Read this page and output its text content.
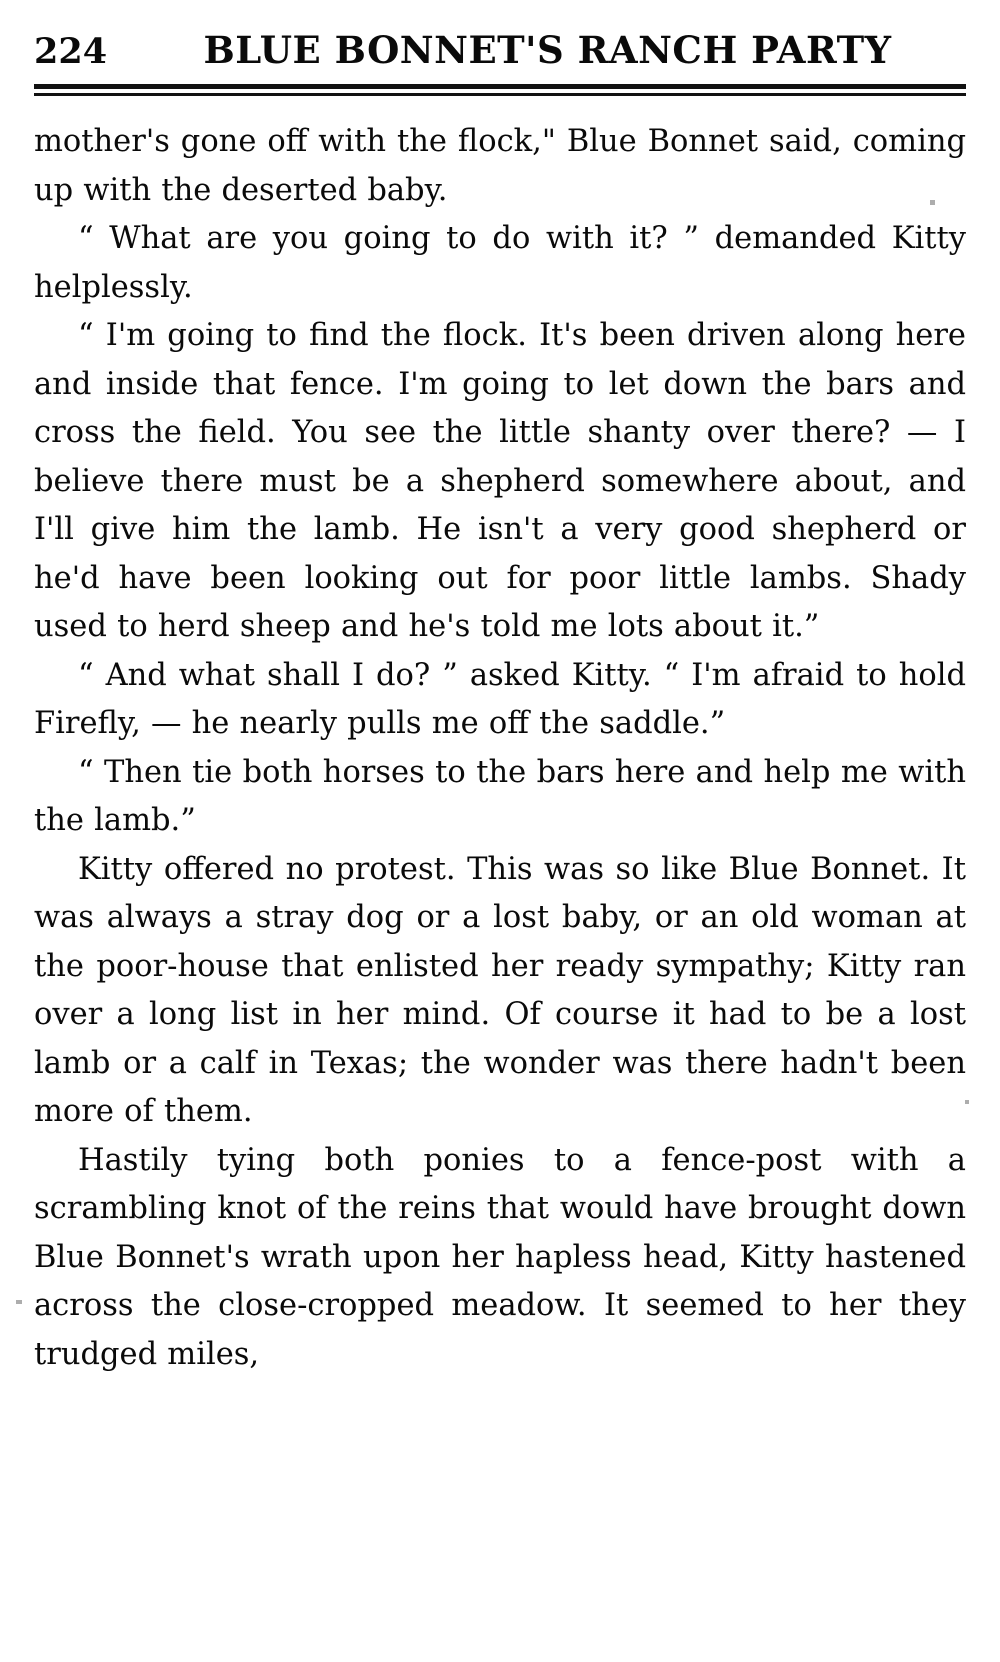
224	BLUE BONNET'S RANCH PARTY

mother's gone off with the flock," Blue Bonnet said, coming up with the deserted baby.

“ What are you going to do with it? ” demanded Kitty helplessly.

“ I'm going to find the flock. It's been driven along here and inside that fence. I'm going to let down the bars and cross the field. You see the little shanty over there? — I believe there must be a shepherd somewhere about, and I'll give him the lamb. He isn't a very good shepherd or he'd have been looking out for poor little lambs. Shady used to herd sheep and he's told me lots about it.”

“ And what shall I do? ” asked Kitty. “ I'm afraid to hold Firefly, — he nearly pulls me off the saddle.”

“ Then tie both horses to the bars here and help me with the lamb.”

Kitty offered no protest. This was so like Blue Bonnet. It was always a stray dog or a lost baby, or an old woman at the poor-house that enlisted her ready sympathy; Kitty ran over a long list in her mind. Of course it had to be a lost lamb or a calf in Texas; the wonder was there hadn't been more of them.

Hastily tying both ponies to a fence-post with a scrambling knot of the reins that would have brought down Blue Bonnet's wrath upon her hapless head, Kitty hastened across the close-cropped meadow. It seemed to her they trudged miles,
